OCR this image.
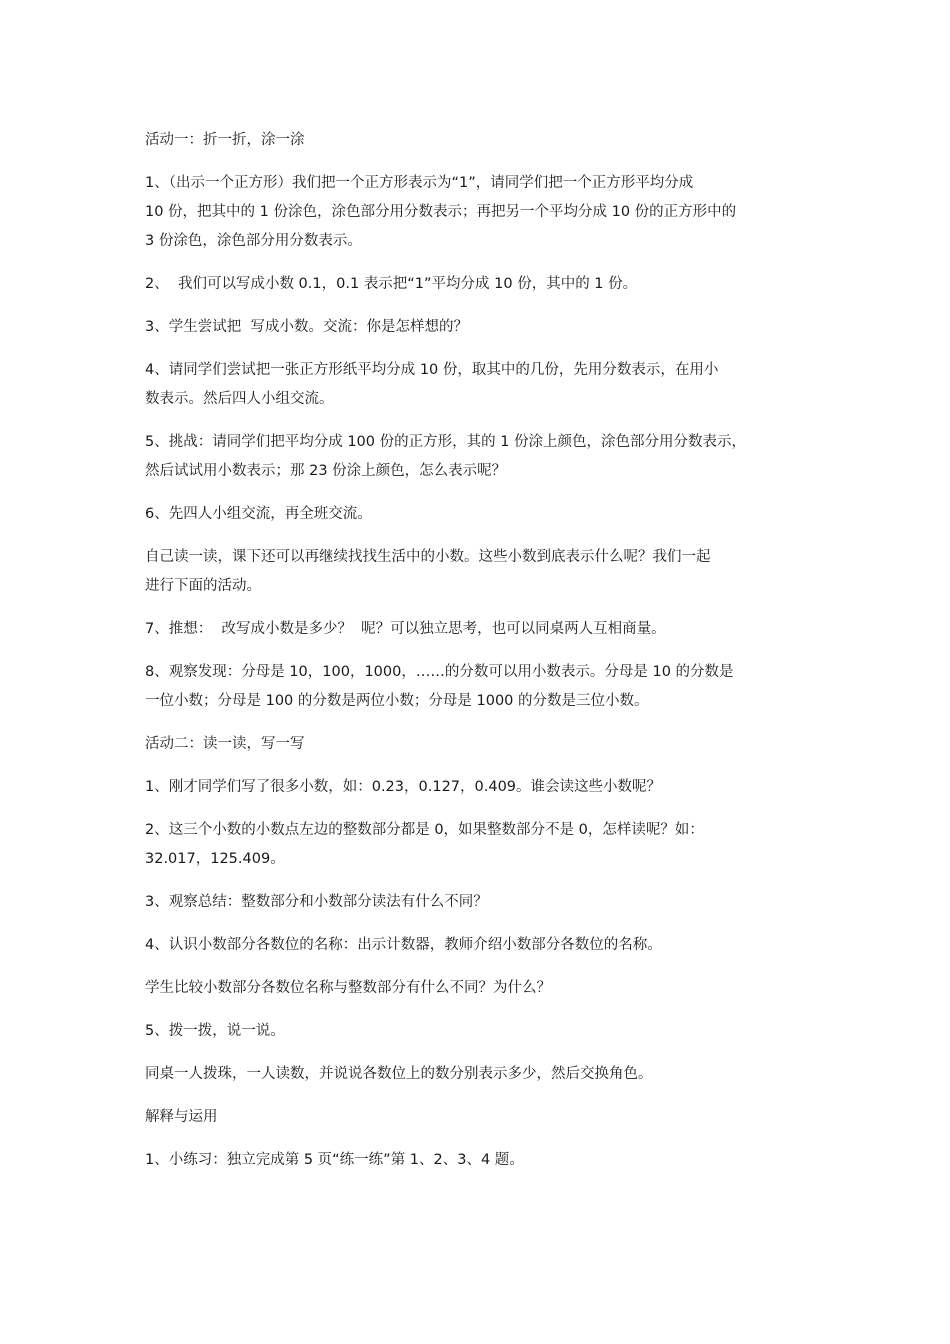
活动一：折一折，涂一涂
1、（出示一个正方形）我们把一个正方形表示为“1”，请同学们把一个正方形平均分成
10 份，把其中的 1 份涂色，涂色部分用分数表示；再把另一个平均分成 10 份的正方形中的
3 份涂色，涂色部分用分数表示。
2、  我们可以写成小数 0.1，0.1 表示把“1”平均分成 10 份，其中的 1 份。
3、学生尝试把  写成小数。交流：你是怎样想的？
4、请同学们尝试把一张正方形纸平均分成 10 份，取其中的几份，先用分数表示，在用小
数表示。然后四人小组交流。
5、挑战：请同学们把平均分成 100 份的正方形，其的 1 份涂上颜色，涂色部分用分数表示，
然后试试用小数表示；那 23 份涂上颜色，怎么表示呢？
6、先四人小组交流，再全班交流。
自己读一读，课下还可以再继续找找生活中的小数。这些小数到底表示什么呢？我们一起
进行下面的活动。
7、推想：  改写成小数是多少？  呢？可以独立思考，也可以同桌两人互相商量。
8、观察发现：分母是 10，100，1000，……的分数可以用小数表示。分母是 10 的分数是
一位小数；分母是 100 的分数是两位小数；分母是 1000 的分数是三位小数。
活动二：读一读，写一写
1、刚才同学们写了很多小数，如：0.23，0.127，0.409。谁会读这些小数呢？
2、这三个小数的小数点左边的整数部分都是 0，如果整数部分不是 0，怎样读呢？如：
32.017，125.409。
3、观察总结：整数部分和小数部分读法有什么不同？
4、认识小数部分各数位的名称：出示计数器，教师介绍小数部分各数位的名称。
学生比较小数部分各数位名称与整数部分有什么不同？为什么？
5、拨一拨，说一说。
同桌一人拨珠，一人读数，并说说各数位上的数分别表示多少，然后交换角色。
解释与运用
1、小练习：独立完成第 5 页“练一练”第 1、2、3、4 题。
